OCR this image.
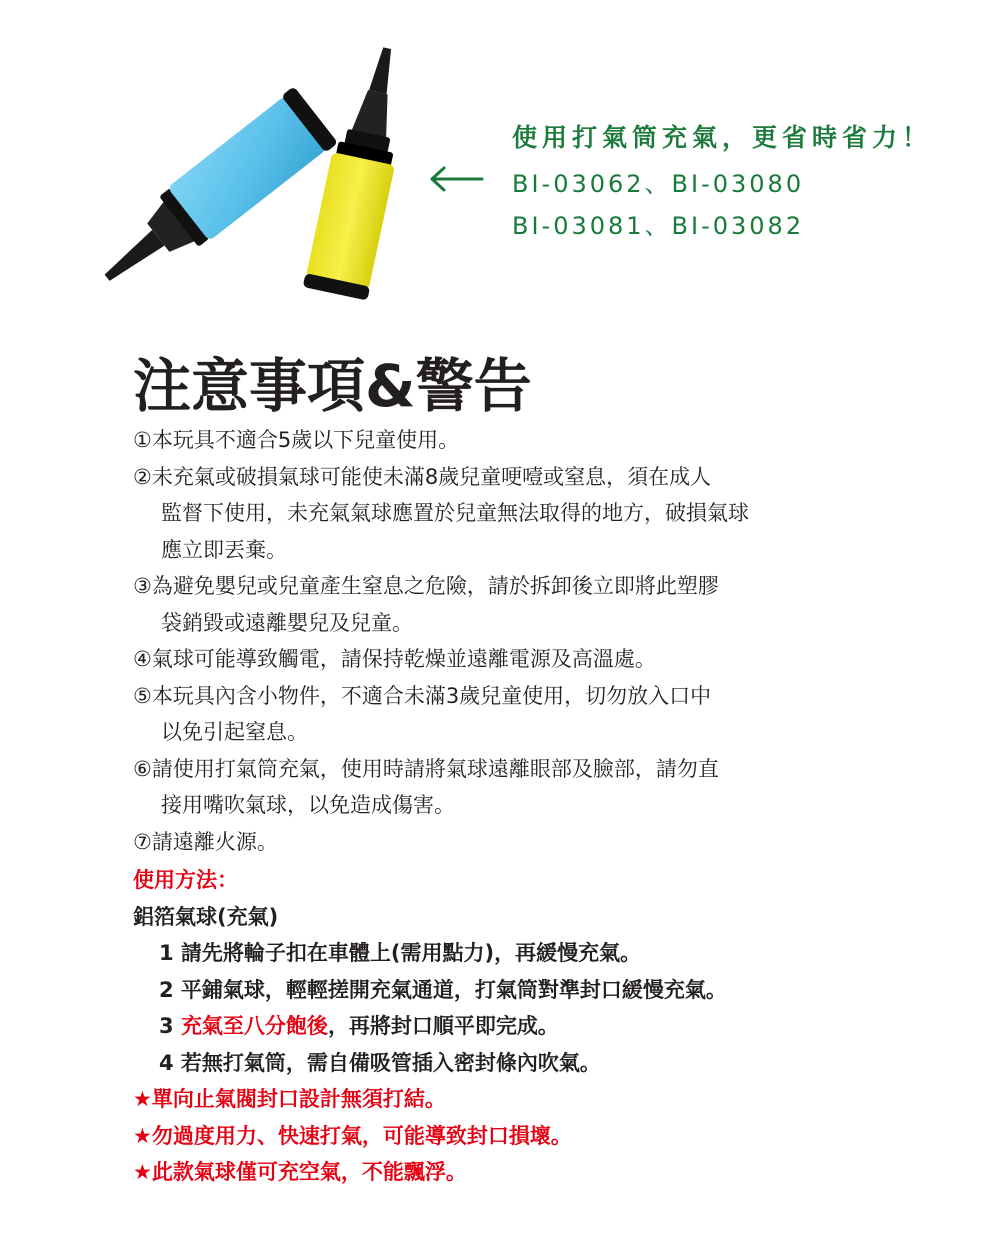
使用打氣筒充氣，更省時省力！
BI-03062、BI-03080
BI-03081、BI-03082
注意事項&警告
①本玩具不適合5歲以下兒童使用。
②未充氣或破損氣球可能使未滿8歲兒童哽噎或窒息，須在成人
監督下使用，未充氣氣球應置於兒童無法取得的地方，破損氣球
應立即丟棄。
③為避免嬰兒或兒童產生窒息之危險，請於拆卸後立即將此塑膠
袋銷毀或遠離嬰兒及兒童。
④氣球可能導致觸電，請保持乾燥並遠離電源及高溫處。
⑤本玩具內含小物件，不適合未滿3歲兒童使用，切勿放入口中
以免引起窒息。
⑥請使用打氣筒充氣，使用時請將氣球遠離眼部及臉部，請勿直
接用嘴吹氣球，以免造成傷害。
⑦請遠離火源。
使用方法：
鋁箔氣球(充氣)
1 請先將輪子扣在車體上(需用點力)，再緩慢充氣。
2 平鋪氣球，輕輕搓開充氣通道，打氣筒對準封口緩慢充氣。
3 充氣至八分飽後，再將封口順平即完成。
4 若無打氣筒，需自備吸管插入密封條內吹氣。
★單向止氣閥封口設計無須打結。
★勿過度用力、快速打氣，可能導致封口損壞。
★此款氣球僅可充空氣，不能飄浮。
